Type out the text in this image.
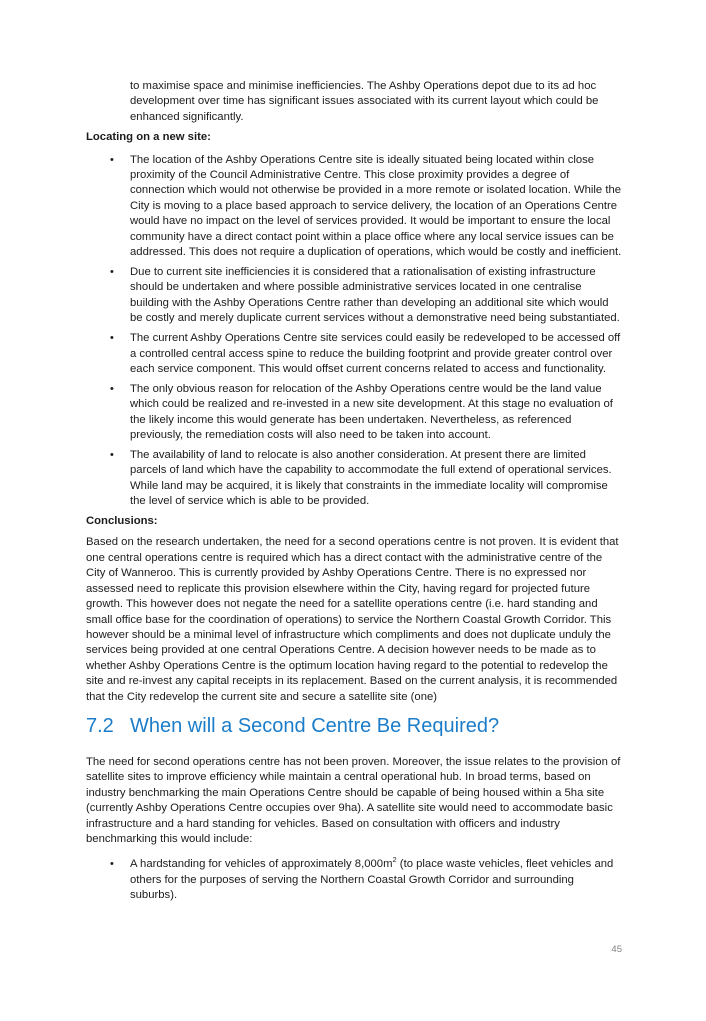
to maximise space and minimise inefficiencies. The Ashby Operations depot due to its ad hoc development over time has significant issues associated with its current layout which could be enhanced significantly.

Locating on a new site:

• The location of the Ashby Operations Centre site is ideally situated being located within close proximity of the Council Administrative Centre. This close proximity provides a degree of connection which would not otherwise be provided in a more remote or isolated location. While the City is moving to a place based approach to service delivery, the location of an Operations Centre would have no impact on the level of services provided. It would be important to ensure the local community have a direct contact point within a place office where any local service issues can be addressed. This does not require a duplication of operations, which would be costly and inefficient.
• Due to current site inefficiencies it is considered that a rationalisation of existing infrastructure should be undertaken and where possible administrative services located in one centralise building with the Ashby Operations Centre rather than developing an additional site which would be costly and merely duplicate current services without a demonstrative need being substantiated.
• The current Ashby Operations Centre site services could easily be redeveloped to be accessed off a controlled central access spine to reduce the building footprint and provide greater control over each service component. This would offset current concerns related to access and functionality.
• The only obvious reason for relocation of the Ashby Operations centre would be the land value which could be realized and re-invested in a new site development. At this stage no evaluation of the likely income this would generate has been undertaken. Nevertheless, as referenced previously, the remediation costs will also need to be taken into account.
• The availability of land to relocate is also another consideration. At present there are limited parcels of land which have the capability to accommodate the full extend of operational services. While land may be acquired, it is likely that constraints in the immediate locality will compromise the level of service which is able to be provided.

Conclusions:

Based on the research undertaken, the need for a second operations centre is not proven. It is evident that one central operations centre is required which has a direct contact with the administrative centre of the City of Wanneroo. This is currently provided by Ashby Operations Centre. There is no expressed nor assessed need to replicate this provision elsewhere within the City, having regard for projected future growth. This however does not negate the need for a satellite operations centre (i.e. hard standing and small office base for the coordination of operations) to service the Northern Coastal Growth Corridor. This however should be a minimal level of infrastructure which compliments and does not duplicate unduly the services being provided at one central Operations Centre. A decision however needs to be made as to whether Ashby Operations Centre is the optimum location having regard to the potential to redevelop the site and re-invest any capital receipts in its replacement. Based on the current analysis, it is recommended that the City redevelop the current site and secure a satellite site (one)

7.2 When will a Second Centre Be Required?

The need for second operations centre has not been proven. Moreover, the issue relates to the provision of satellite sites to improve efficiency while maintain a central operational hub. In broad terms, based on industry benchmarking the main Operations Centre should be capable of being housed within a 5ha site (currently Ashby Operations Centre occupies over 9ha). A satellite site would need to accommodate basic infrastructure and a hard standing for vehicles. Based on consultation with officers and industry benchmarking this would include:

• A hardstanding for vehicles of approximately $8,000m^2$ (to place waste vehicles, fleet vehicles and others for the purposes of serving the Northern Coastal Growth Corridor and surrounding suburbs).
45
